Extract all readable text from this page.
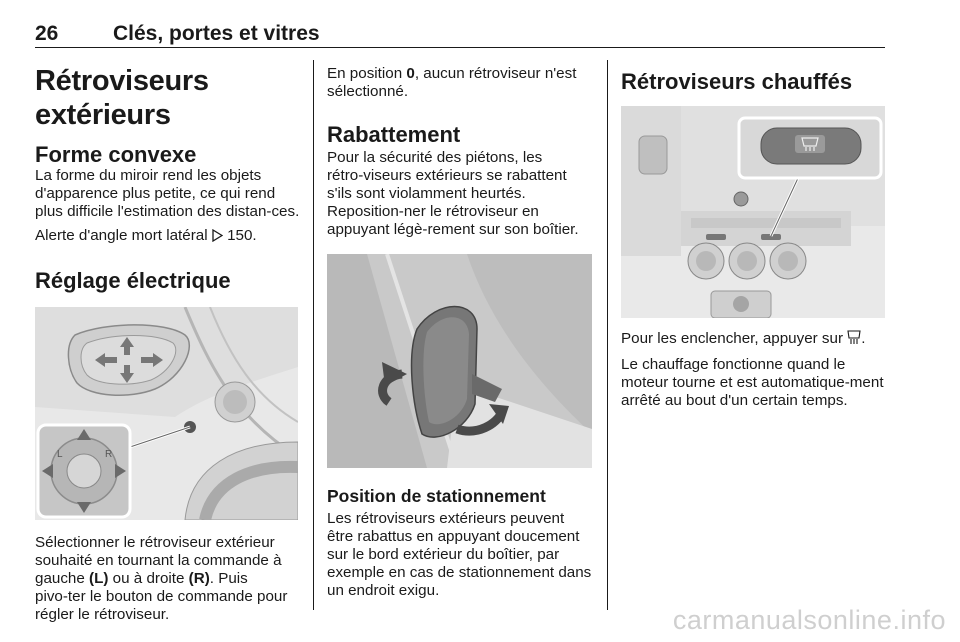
26	Clés, portes et vitres
Rétroviseurs extérieurs
Forme convexe

La forme du miroir rend les objets d'apparence plus petite, ce qui rend plus difficile l'estimation des distan‑ces.

Alerte d'angle mort latéral 150.

Réglage électrique
L	R

Sélectionner le rétroviseur extérieur souhaité en tournant la commande à gauche (L) ou à droite (R). Puis pivo‑ter le bouton de commande pour régler le rétroviseur.

En position 0, aucun rétroviseur n'est sélectionné.

Rabattement

Pour la sécurité des piétons, les rétro‑viseurs extérieurs se rabattent s'ils sont violamment heurtés. Reposition‑ner le rétroviseur en appuyant légè‑rement sur son boîtier.

Position de stationnement

Les rétroviseurs extérieurs peuvent être rabattus en appuyant doucement sur le bord extérieur du boîtier, par exemple en cas de stationnement dans un endroit exigu.

Rétroviseurs chauffés

Pour les enclencher, appuyer sur .

Le chauffage fonctionne quand le moteur tourne et est automatique‑ment arrêté au bout d'un certain temps.

carmanualsonline.info
